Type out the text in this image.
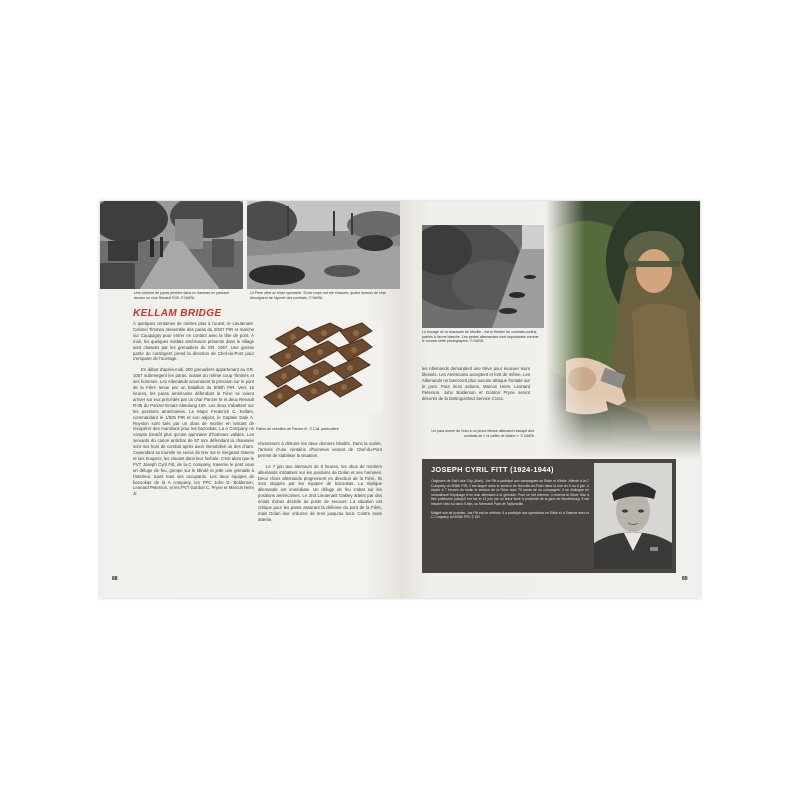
Une colonne de paras pénètre dans un hameau en passant devant un char Renault R35. © NARA
Le Fière offre un triste spectacle. Si les corps ont été évacués, quatre épaves de char témoignent de l'âpreté des combats. © NARA
KELLAM BRIDGE
Patins de chenilles de Panzer III. © Coll. particulière

À quelques centaines de mètres plus à l'ouest, le Lieutenant-Colonel Timmes rassemble des paras du 2/507 PIR et marche sur Cauquigny pour entrer en contact avec la tête de pont. À midi, les quelques soldats américains présents dans le village sont chassés par les grenadiers du GR. 1057. Une grosse partie du contingent prend la direction de Chef-du-Pont pour s'emparer de l'ouvrage.

En début d'après-midi, 200 grenadiers appartenant au GR. 1057 submergent les paras, isolant du même coup Timmes et ses hommes. Les Allemands accentuent la pression sur le pont de la Fière tenue par un bataillon du 505th PIR. Vers 16 heures, les paras américains défendant la Fière se voient arriver sur eux précédés par un char Panzer III et deux Renault R-35 du Panzer-Ersatz-Abteilung 100. Les deux s'abattent sur les positions américaines. Le Major Frederick C. Kellam, commandant le 1/505 PIR et son adjoint, le Captain Dale A. Royston sont tués par un obus de mortier en tentant de récupérer des munitions pour les bazookas. La A Company ne compte bientôt plus qu'une quinzaine d'hommes valides. Les servants du canon antichar de 57 mm défendant la chaussée sont mis hors de combat après avoir immobilisé un des chars. Cependant sa tourelle ne cesse de tirer sur le Sergeant Owens et ses troupers, les clouant dans leur foxhole. C'est alors que le PVT Joseph Cyril Fitt, de la C company, traverse le pont sous un déluge de feu, grimpe sur le blindé et jette une grenade à l'intérieur, tuant tous ses occupants. Les deux équipes de bazookas de la A company, les PFC John D. Bolderson, Leonard Peterson, et les PVT Gordon C. Pryne et Marcus Heim Jr.

réussissent à détruire les deux derniers blindés. Dans la soirée, l'arrivée d'une centaine d'hommes venant de Chef-du-Pont permet de stabiliser la situation.

Le 7 juin aux alentours de 8 heures, les obus de mortiers allemands s'abattent sur les positions de Dolan et ses hommes. Deux chars allemands progressent en direction de la Fière. Ils sont stoppés par les équipes de bazookas. La réplique allemande est immédiate. Un déluge de feu s'abat sur les positions américaines. Le 2nd Lieutenant Oakley atteint par des éclats d'obus décède au poste de secours. La situation est critique pour les paras assurant la défense du pont de la Fière, mais Dolan leur ordonne de tenir jusqu'au bout. Contre toute attente,

88
Le bocage de la chaussée de Mozille - est le théâtre de combats confus, parfois à l'arme blanche. Les pertes allemandes sont importantes comme le montre cette photographie. © NARA

les Allemands demandent une trêve pour évacuer leurs blessés. Les Américains acceptent et font de même. Les Allemands ne lanceront plus aucune attaque frontale sur le pont. Pour leurs actions, Marcus Heim, Leonard Peterson, John Bolderson et Gordon Pryne seront décorés de la Distinguished Service Cross.

Un para donne de l'eau à un jeune blessé allemand rescapé des combats de « la vallée de Maine ». © NARA
JOSEPH CYRIL FITT (1924-1944)

Originaire de Salt Lake City (Utah), Joe Fitt a participé aux campagnes de Sicile et d'Italie. Affecté à la C Company du 505th PIR, il est largué dans le secteur de Neuville-au-Plain dans la nuit du 5 au 6 juin. Il rejoint à 7 heures du matin le secteur de la Fière avec 70 paras de sa compagnie. Il se distingue en neutralisant l'équipage d'un char allemand à la grenade. Pour ce fait d'armes, il recevra la Silver Star à titre posthume puisqu'il est tué le 13 juin par un tireur isolé à proximité de la gare de Montebourg. Il est inhumé chez lui dans l'Utah, au Memorial Park de Taylorsville.

Malgré son air juvénile, Joe Fitt est un vétéran. Il a participé aux opérations en Sicile et à Salerne avec la C Company du 505th PIR. © DR

89
